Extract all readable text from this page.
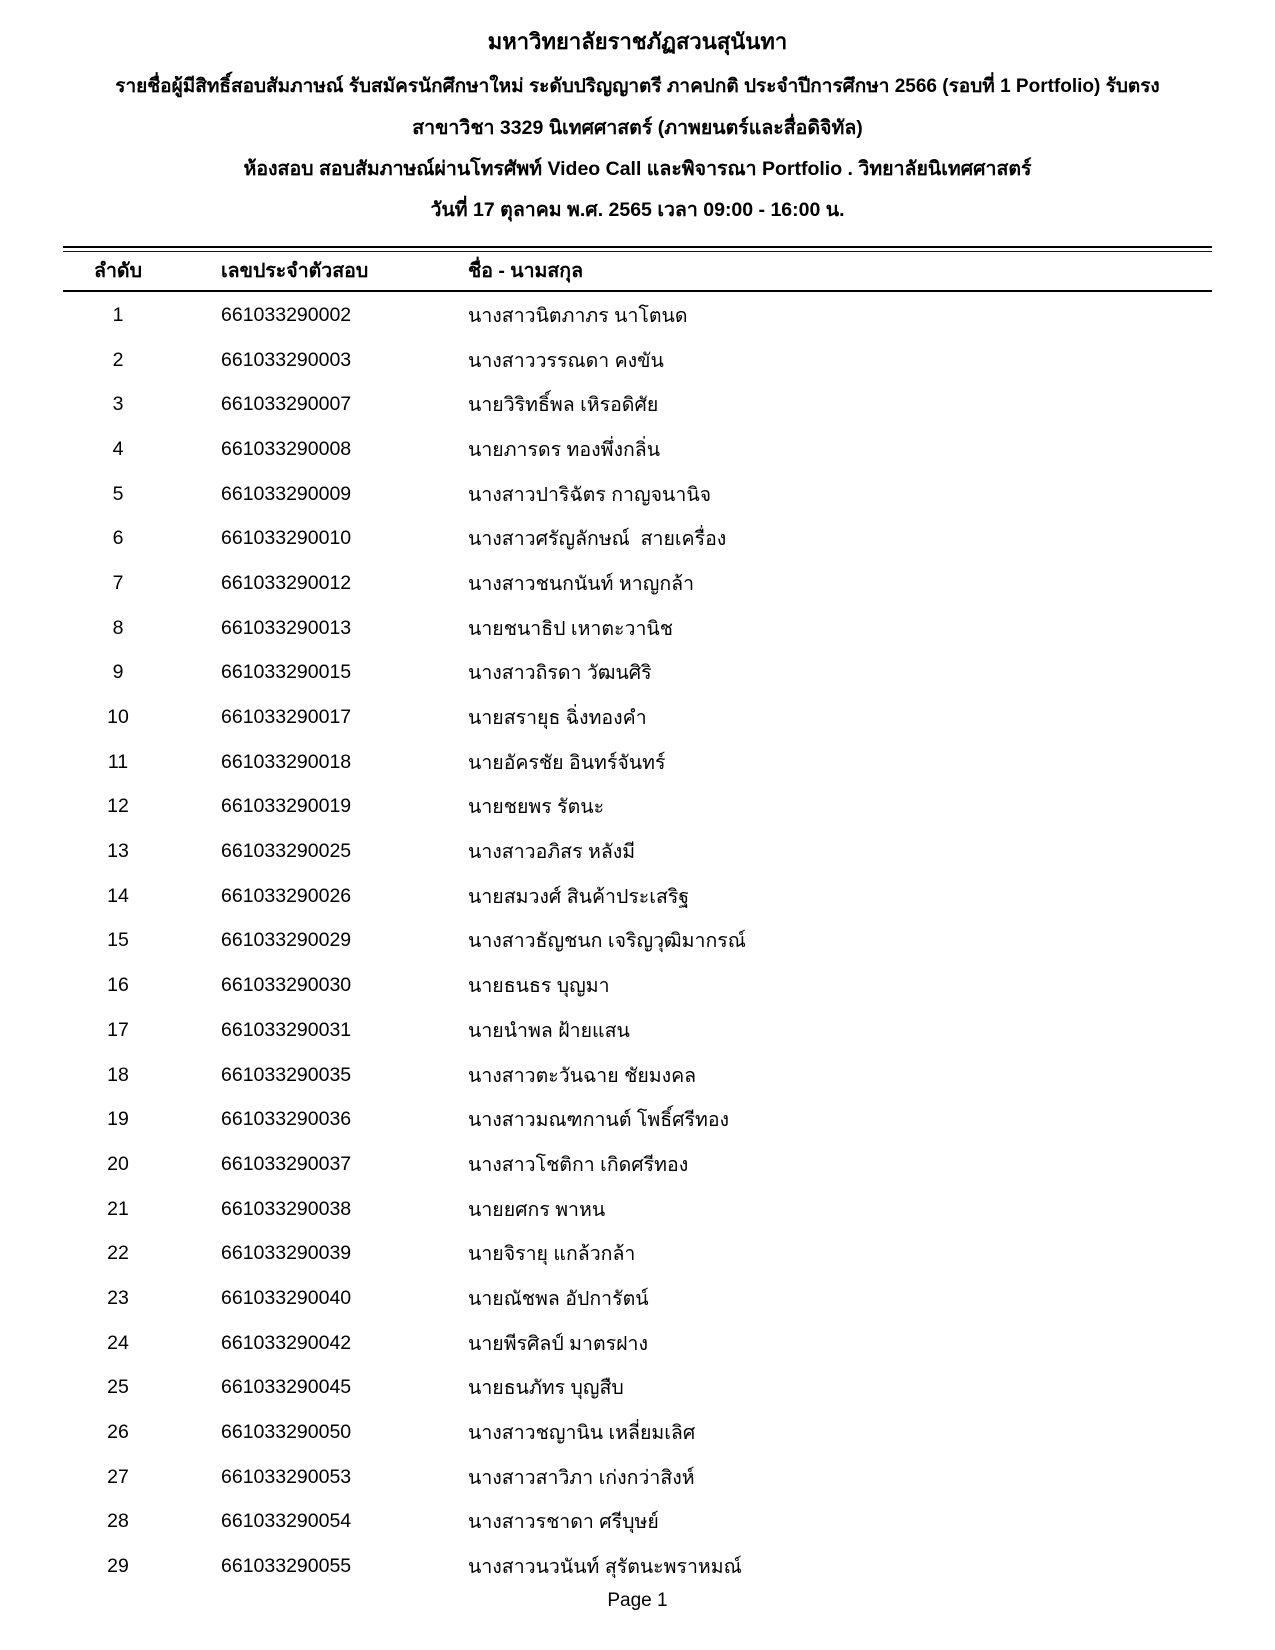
มหาวิทยาลัยราชภัฏสวนสุนันทา
รายชื่อผู้มีสิทธิ์สอบสัมภาษณ์ รับสมัครนักศึกษาใหม่ ระดับปริญญาตรี ภาคปกติ ประจำปีการศึกษา 2566 (รอบที่ 1 Portfolio) รับตรง
สาขาวิชา 3329 นิเทศศาสตร์ (ภาพยนตร์และสื่อดิจิทัล)
ห้องสอบ สอบสัมภาษณ์ผ่านโทรศัพท์ Video Call และพิจารณา Portfolio . วิทยาลัยนิเทศศาสตร์
วันที่ 17 ตุลาคม พ.ศ. 2565 เวลา 09:00 - 16:00 น.
ลำดับ	เลขประจำตัวสอบ	ชื่อ - นามสกุล
1	661033290002	นางสาวนิตภาภร นาโตนด
2	661033290003	นางสาววรรณดา คงขัน
3	661033290007	นายวิริทธิ์พล เหิรอดิศัย
4	661033290008	นายภารดร ทองพึ่งกลิ่น
5	661033290009	นางสาวปาริฉัตร กาญจนานิจ
6	661033290010	นางสาวศรัญลักษณ์  สายเครื่อง
7	661033290012	นางสาวชนกนันท์ หาญกล้า
8	661033290013	นายชนาธิป เหาตะวานิช
9	661033290015	นางสาวถิรดา วัฒนศิริ
10	661033290017	นายสรายุธ ฉิ่งทองคำ
11	661033290018	นายอัครชัย อินทร์จันทร์
12	661033290019	นายชยพร รัตนะ
13	661033290025	นางสาวอภิสร หลังมี
14	661033290026	นายสมวงศ์ สินค้าประเสริฐ
15	661033290029	นางสาวธัญชนก เจริญวุฒิมากรณ์
16	661033290030	นายธนธร บุญมา
17	661033290031	นายนำพล ฝ้ายแสน
18	661033290035	นางสาวตะวันฉาย ชัยมงคล
19	661033290036	นางสาวมณฑกานต์ โพธิ์ศรีทอง
20	661033290037	นางสาวโชติกา เกิดศรีทอง
21	661033290038	นายยศกร พาหน
22	661033290039	นายจิรายุ แกล้วกล้า
23	661033290040	นายณัชพล อัปการัตน์
24	661033290042	นายพีรศิลป์ มาตรฝาง
25	661033290045	นายธนภัทร บุญสืบ
26	661033290050	นางสาวชญานิน เหลี่ยมเลิศ
27	661033290053	นางสาวสาวิภา เก่งกว่าสิงห์
28	661033290054	นางสาวรชาดา ศรีบุษย์
29	661033290055	นางสาวนวนันท์ สุรัตนะพราหมณ์
Page 1
